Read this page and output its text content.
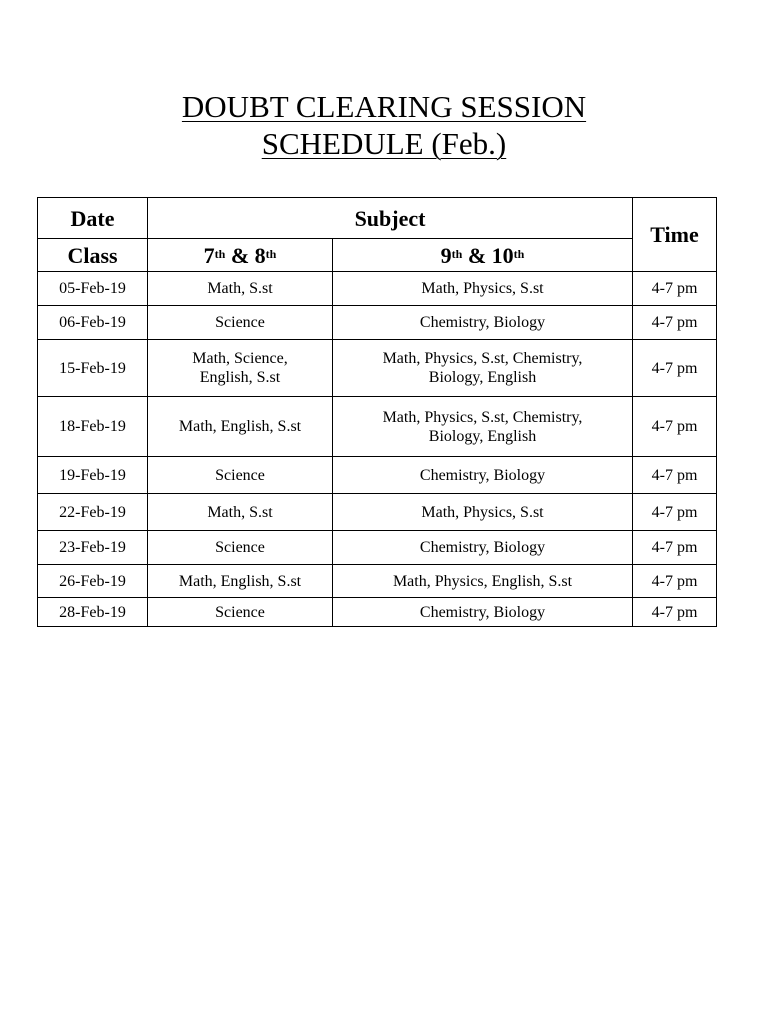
DOUBT CLEARING SESSION
SCHEDULE (Feb.)
Date	Subject		Time
Class	7th & 8th	9th & 10th
05-Feb-19	Math, S.st	Math, Physics, S.st	4-7 pm
06-Feb-19	Science	Chemistry, Biology	4-7 pm
15-Feb-19	Math, Science, English, S.st	Math, Physics, S.st, Chemistry, Biology, English	4-7 pm
18-Feb-19	Math, English, S.st	Math, Physics, S.st, Chemistry, Biology, English	4-7 pm
19-Feb-19	Science	Chemistry, Biology	4-7 pm
22-Feb-19	Math, S.st	Math, Physics, S.st	4-7 pm
23-Feb-19	Science	Chemistry, Biology	4-7 pm
26-Feb-19	Math, English, S.st	Math, Physics, English, S.st	4-7 pm
28-Feb-19	Science	Chemistry, Biology	4-7 pm
